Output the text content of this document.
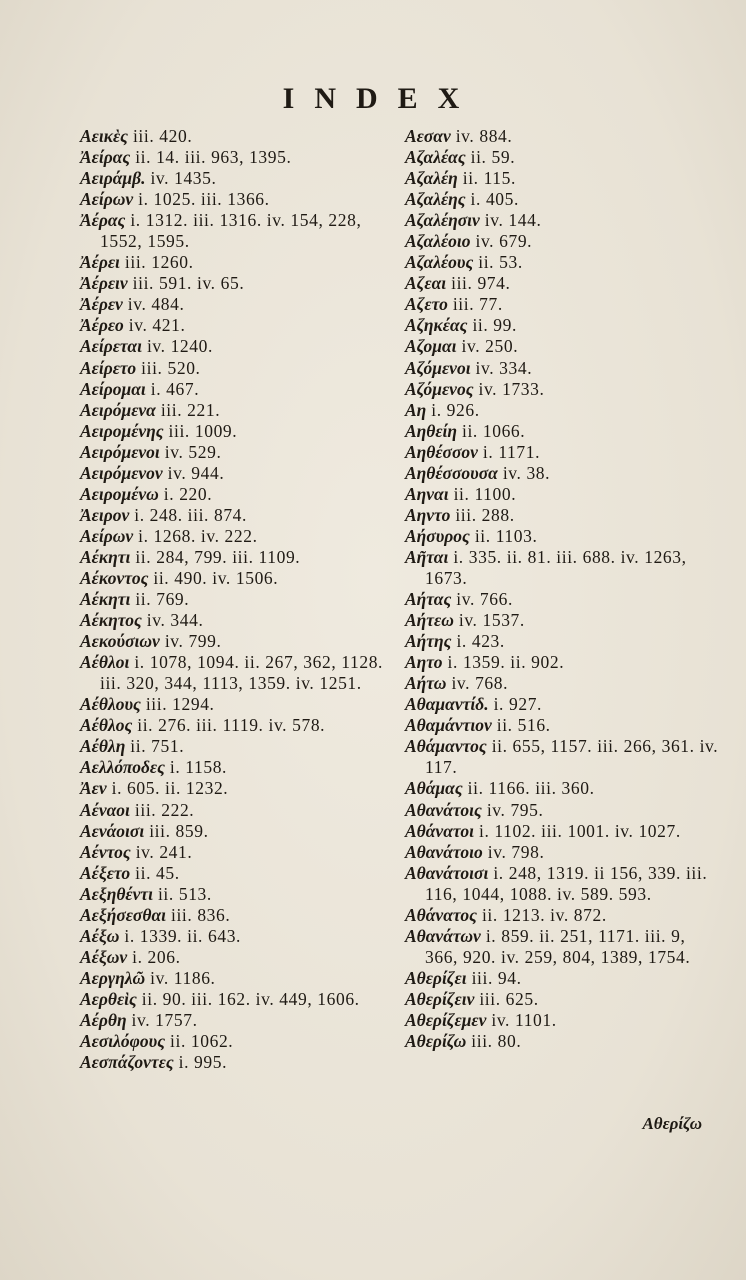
INDEX
Αεικὲς iii. 420.
Ἀείρας ii. 14. iii. 963, 1395.
Αειράμβ. iv. 1435.
Αείρων i. 1025. iii. 1366.
Ἀέρας i. 1312. iii. 1316. iv. 154, 228, 1552, 1595.
Ἀέρει iii. 1260.
Ἀέρειν iii. 591. iv. 65.
Ἀέρεν iv. 484.
Ἀέρεο iv. 421.
Αείρεται iv. 1240.
Αείρετο iii. 520.
Αείρομαι i. 467.
Αειρόμενα iii. 221.
Αειρομένης iii. 1009.
Αειρόμενοι iv. 529.
Αειρόμενον iv. 944.
Αειρομένω i. 220.
Ἀειρον i. 248. iii. 874.
Αείρων i. 1268. iv. 222.
Αέκητι ii. 284, 799. iii. 1109.
Αέκοντος ii. 490. iv. 1506.
Αέκητι ii. 769.
Αέκητος iv. 344.
Αεκούσιων iv. 799.
Αέθλοι i. 1078, 1094. ii. 267, 362, 1128. iii. 320, 344, 1113, 1359. iv. 1251.
Αέθλους iii. 1294.
Αέθλος ii. 276. iii. 1119. iv. 578.
Αέθλη ii. 751.
Αελλόποδες i. 1158.
Ἀεν i. 605. ii. 1232.
Αέναοι iii. 222.
Αενάοισι iii. 859.
Αέντος iv. 241.
Αέξετο ii. 45.
Αεξηθέντι ii. 513.
Αεξήσεσθαι iii. 836.
Αέξω i. 1339. ii. 643.
Αέξων i. 206.
Αεργηλῶ iv. 1186.
Αερθεὶς ii. 90. iii. 162. iv. 449, 1606.
Αέρθη iv. 1757.
Αεσιλόφους ii. 1062.
Αεσπάζοντες i. 995.
Αεσαν iv. 884.
Αζαλέας ii. 59.
Αζαλέη ii. 115.
Αζαλέης i. 405.
Αζαλέησιν iv. 144.
Αζαλέοιο iv. 679.
Αζαλέους ii. 53.
Αζεαι iii. 974.
Αζετο iii. 77.
Αζηκέας ii. 99.
Αζομαι iv. 250.
Αζόμενοι iv. 334.
Αζόμενος iv. 1733.
Αη i. 926.
Αηθείη ii. 1066.
Αηθέσσον i. 1171.
Αηθέσσουσα iv. 38.
Αηναι ii. 1100.
Αηντο iii. 288.
Αήσυρος ii. 1103.
Αῆται i. 335. ii. 81. iii. 688. iv. 1263, 1673.
Αήτας iv. 766.
Αήτεω iv. 1537.
Αήτης i. 423.
Αητο i. 1359. ii. 902.
Αήτω iv. 768.
Αθαμαντίδ. i. 927.
Αθαμάντιον ii. 516.
Αθάμαντος ii. 655, 1157. iii. 266, 361. iv. 117.
Αθάμας ii. 1166. iii. 360.
Αθανάτοις iv. 795.
Αθάνατοι i. 1102. iii. 1001. iv. 1027.
Αθανάτοιο iv. 798.
Αθανάτοισι i. 248, 1319. ii 156, 339. iii. 116, 1044, 1088. iv. 589. 593.
Αθάνατος ii. 1213. iv. 872.
Αθανάτων i. 859. ii. 251, 1171. iii. 9, 366, 920. iv. 259, 804, 1389, 1754.
Αθερίζει iii. 94.
Αθερίζειν iii. 625.
Αθερίζεμεν iv. 1101.
Αθερίζω iii. 80.
Αθερίζω
